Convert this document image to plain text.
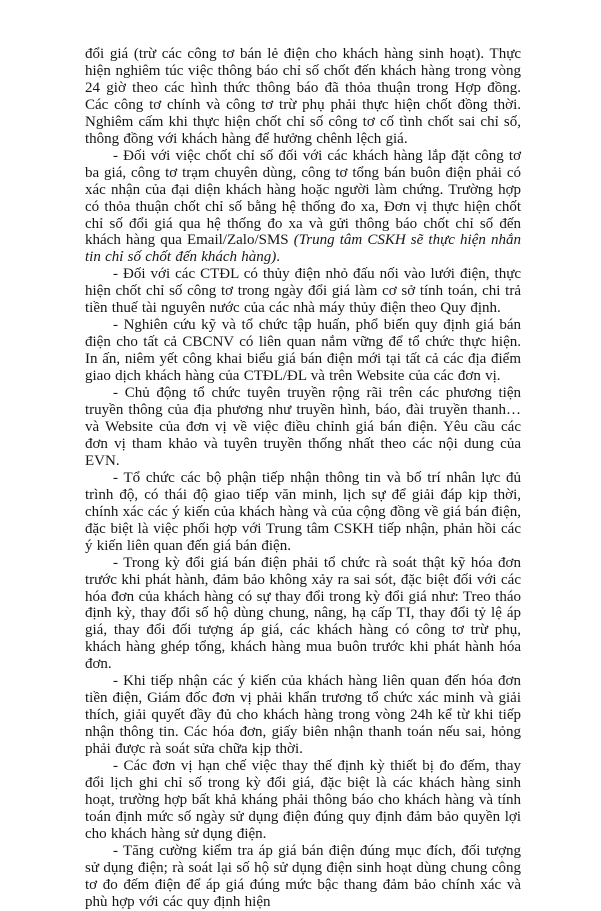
đổi giá (trừ các công tơ bán lẻ điện cho khách hàng sinh hoạt). Thực hiện nghiêm túc việc thông báo chỉ số chốt đến khách hàng trong vòng 24 giờ theo các hình thức thông báo đã thỏa thuận trong Hợp đồng. Các công tơ chính và công tơ trừ phụ phải thực hiện chốt đồng thời. Nghiêm cấm khi thực hiện chốt chỉ số công tơ cố tình chốt sai chỉ số, thông đồng với khách hàng để hưởng chênh lệch giá.

- Đối với việc chốt chỉ số đối với các khách hàng lắp đặt công tơ ba giá, công tơ trạm chuyên dùng, công tơ tổng bán buôn điện phải có xác nhận của đại diện khách hàng hoặc người làm chứng. Trường hợp có thỏa thuận chốt chỉ số bằng hệ thống đo xa, Đơn vị thực hiện chốt chỉ số đổi giá qua hệ thống đo xa và gửi thông báo chốt chỉ số đến khách hàng qua Email/Zalo/SMS (Trung tâm CSKH sẽ thực hiện nhắn tin chỉ số chốt đến khách hàng).

- Đối với các CTĐL có thủy điện nhỏ đấu nối vào lưới điện, thực hiện chốt chỉ số công tơ trong ngày đổi giá làm cơ sở tính toán, chi trả tiền thuế tài nguyên nước của các nhà máy thủy điện theo Quy định.

- Nghiên cứu kỹ và tổ chức tập huấn, phổ biến quy định giá bán điện cho tất cả CBCNV có liên quan nắm vững để tổ chức thực hiện. In ấn, niêm yết công khai biểu giá bán điện mới tại tất cả các địa điểm giao dịch khách hàng của CTĐL/ĐL và trên Website của các đơn vị.

- Chủ động tổ chức tuyên truyền rộng rãi trên các phương tiện truyền thông của địa phương như truyền hình, báo, đài truyền thanh…và Website của đơn vị về việc điều chỉnh giá bán điện. Yêu cầu các đơn vị tham khảo và tuyên truyền thống nhất theo các nội dung của EVN.

- Tổ chức các bộ phận tiếp nhận thông tin và bố trí nhân lực đủ trình độ, có thái độ giao tiếp văn minh, lịch sự để giải đáp kịp thời, chính xác các ý kiến của khách hàng và của cộng đồng về giá bán điện, đặc biệt là việc phối hợp với Trung tâm CSKH tiếp nhận, phản hồi các ý kiến liên quan đến giá bán điện.

- Trong kỳ đổi giá bán điện phải tổ chức rà soát thật kỹ hóa đơn trước khi phát hành, đảm bảo không xảy ra sai sót, đặc biệt đối với các hóa đơn của khách hàng có sự thay đổi trong kỳ đổi giá như: Treo tháo định kỳ, thay đổi số hộ dùng chung, nâng, hạ cấp TI, thay đổi tỷ lệ áp giá, thay đổi đối tượng áp giá, các khách hàng có công tơ trừ phụ, khách hàng ghép tổng, khách hàng mua buôn trước khi phát hành hóa đơn.

- Khi tiếp nhận các ý kiến của khách hàng liên quan đến hóa đơn tiền điện, Giám đốc đơn vị phải khẩn trương tổ chức xác minh và giải thích, giải quyết đầy đủ cho khách hàng trong vòng 24h kể từ khi tiếp nhận thông tin. Các hóa đơn, giấy biên nhận thanh toán nếu sai, hỏng phải được rà soát sửa chữa kịp thời.

- Các đơn vị hạn chế việc thay thế định kỳ thiết bị đo đếm, thay đổi lịch ghi chỉ số trong kỳ đổi giá, đặc biệt là các khách hàng sinh hoạt, trường hợp bất khả kháng phải thông báo cho khách hàng và tính toán định mức số ngày sử dụng điện đúng quy định đảm bảo quyền lợi cho khách hàng sử dụng điện.

- Tăng cường kiểm tra áp giá bán điện đúng mục đích, đối tượng sử dụng điện; rà soát lại số hộ sử dụng điện sinh hoạt dùng chung công tơ đo đếm điện để áp giá đúng mức bậc thang đảm bảo chính xác và phù hợp với các quy định hiện
